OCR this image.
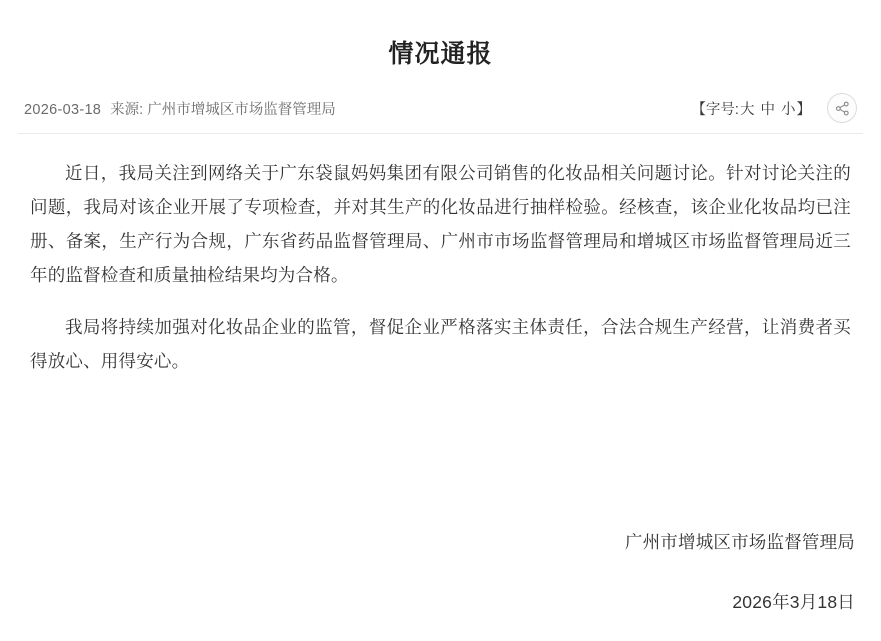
情况通报
2026-03-18 来源: 广州市增城区市场监督管理局	【字号:大 中 小】

近日，我局关注到网络关于广东袋鼠妈妈集团有限公司销售的化妆品相关问题讨论。针对讨论关注的问题，我局对该企业开展了专项检查，并对其生产的化妆品进行抽样检验。经核查，该企业化妆品均已注册、备案，生产行为合规，广东省药品监督管理局、广州市市场监督管理局和增城区市场监督管理局近三年的监督检查和质量抽检结果均为合格。

我局将持续加强对化妆品企业的监管，督促企业严格落实主体责任，合法合规生产经营，让消费者买得放心、用得安心。

广州市增城区市场监督管理局
2026年3月18日
